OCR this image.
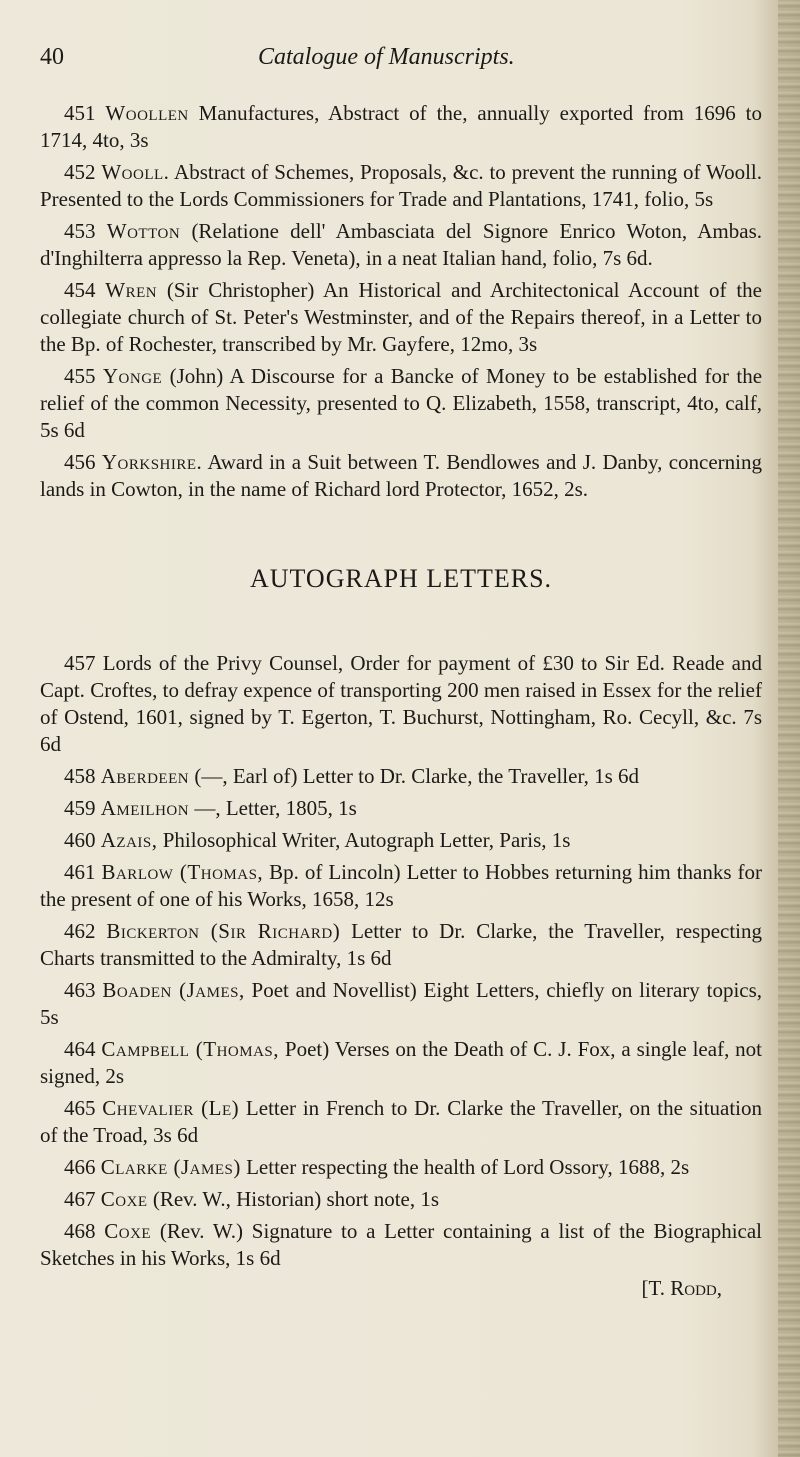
40	Catalogue of Manuscripts.

451 Woollen Manufactures, Abstract of the, annually exported from 1696 to 1714, 4to, 3s

452 Wooll. Abstract of Schemes, Proposals, &c. to prevent the running of Wooll. Presented to the Lords Commissioners for Trade and Plantations, 1741, folio, 5s

453 Wotton (Relatione dell' Ambasciata del Signore Enrico Woton, Ambas. d'Inghilterra appresso la Rep. Veneta), in a neat Italian hand, folio, 7s 6d.

454 Wren (Sir Christopher) An Historical and Architectonical Account of the collegiate church of St. Peter's Westminster, and of the Repairs thereof, in a Letter to the Bp. of Rochester, transcribed by Mr. Gayfere, 12mo, 3s

455 Yonge (John) A Discourse for a Bancke of Money to be established for the relief of the common Necessity, presented to Q. Elizabeth, 1558, transcript, 4to, calf, 5s 6d

456 Yorkshire. Award in a Suit between T. Bendlowes and J. Danby, concerning lands in Cowton, in the name of Richard lord Protector, 1652, 2s.

AUTOGRAPH LETTERS.

457 Lords of the Privy Counsel, Order for payment of £30 to Sir Ed. Reade and Capt. Croftes, to defray expence of transporting 200 men raised in Essex for the relief of Ostend, 1601, signed by T. Egerton, T. Buchurst, Nottingham, Ro. Cecyll, &c. 7s 6d

458 Aberdeen (—, Earl of) Letter to Dr. Clarke, the Traveller, 1s 6d

459 Ameilhon —, Letter, 1805, 1s

460 Azais, Philosophical Writer, Autograph Letter, Paris, 1s

461 Barlow (Thomas, Bp. of Lincoln) Letter to Hobbes returning him thanks for the present of one of his Works, 1658, 12s

462 Bickerton (Sir Richard) Letter to Dr. Clarke, the Traveller, respecting Charts transmitted to the Admiralty, 1s 6d

463 Boaden (James, Poet and Novellist) Eight Letters, chiefly on literary topics, 5s

464 Campbell (Thomas, Poet) Verses on the Death of C. J. Fox, a single leaf, not signed, 2s

465 Chevalier (Le) Letter in French to Dr. Clarke the Traveller, on the situation of the Troad, 3s 6d

466 Clarke (James) Letter respecting the health of Lord Ossory, 1688, 2s

467 Coxe (Rev. W., Historian) short note, 1s

468 Coxe (Rev. W.) Signature to a Letter containing a list of the Biographical Sketches in his Works, 1s 6d

[T. Rodd,
